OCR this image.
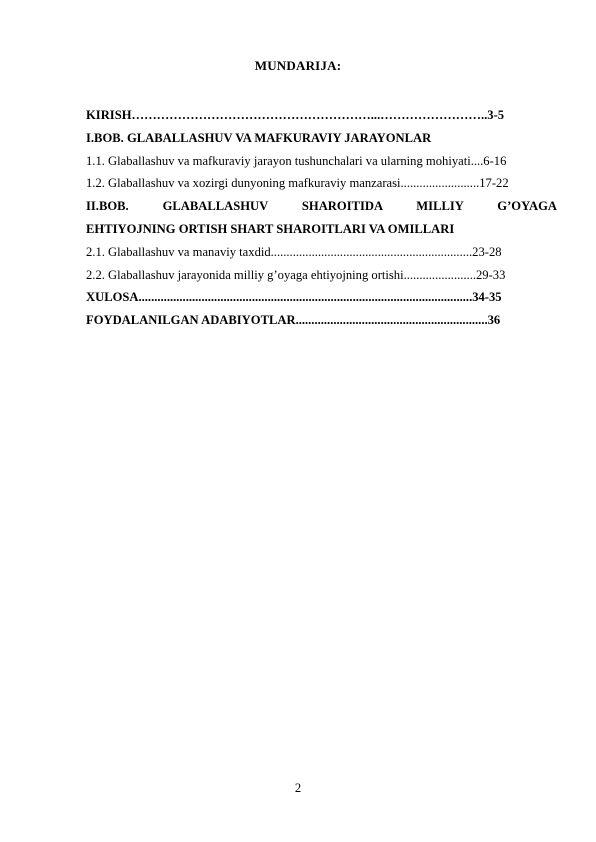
MUNDARIJA:
KIRISH…………………………………………………...……………………..3-5
I.BOB. GLABALLASHUV VA MAFKURAVIY JARAYONLAR
1.1. Glaballashuv va mafkuraviy jarayon tushunchalari va ularning mohiyati....6-16
1.2. Glaballashuv va xozirgi dunyoning mafkuraviy manzarasi.........................17-22
II.BOB. GLABALLASHUV SHAROITIDA MILLIY G’OYAGA
EHTIYOJNING ORTISH SHART SHAROITLARI VA OMILLARI
2.1. Glaballashuv va manaviy taxdid................................................................23-28
2.2. Glaballashuv jarayonida milliy g’oyaga ehtiyojning ortishi.......................29-33
XULOSA..........................................................................................................34-35
FOYDALANILGAN ADABIYOTLAR.............................................................36
2
